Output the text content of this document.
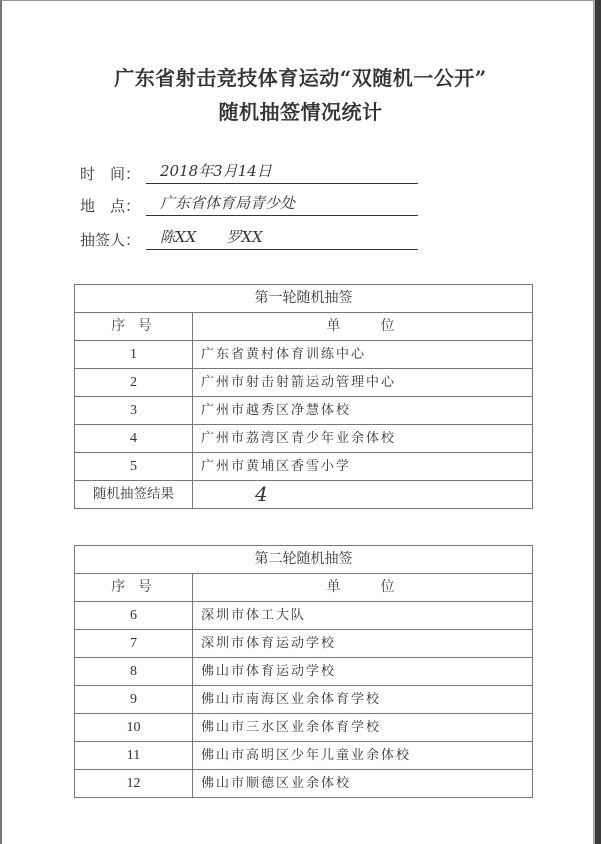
广东省射击竞技体育运动“双随机一公开”
随机抽签情况统计
时　间：	2018年3月14日
地　点：	广东省体育局青少处
抽签人：	陈XX　　罗XX
第一轮随机抽签	
序 号	单　　位
1	广东省黄村体育训练中心
2	广州市射击射箭运动管理中心
3	广州市越秀区净慧体校
4	广州市荔湾区青少年业余体校
5	广州市黄埔区香雪小学
随机抽签结果	4
第二轮随机抽签	
序 号	单　　位
6	深圳市体工大队
7	深圳市体育运动学校
8	佛山市体育运动学校
9	佛山市南海区业余体育学校
10	佛山市三水区业余体育学校
11	佛山市高明区少年儿童业余体校
12	佛山市顺德区业余体校
